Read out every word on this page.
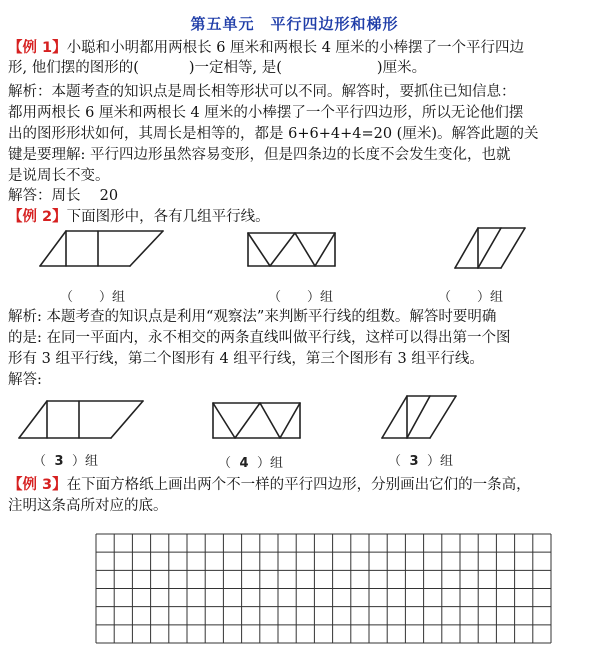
第五单元　平行四边形和梯形
【例 1】小聪和小明都用两根长 6 厘米和两根长 4 厘米的小棒摆了一个平行四边
形, 他们摆的图形的(	)一定相等, 是(	)厘米。
解析：本题考查的知识点是周长相等形状可以不同。解答时，要抓住已知信息：
都用两根长 6 厘米和两根长 4 厘米的小棒摆了一个平行四边形，所以无论他们摆
出的图形形状如何，其周长是相等的，都是 6+6+4+4=20 (厘米)。解答此题的关
键是要理解: 平行四边形虽然容易变形，但是四条边的长度不会发生变化，也就
是说周长不变。
解答：周长　 20
【例 2】下面图形中，各有几组平行线。
（　　）组	（　　）组	（　　）组
解析: 本题考查的知识点是利用“观察法”来判断平行线的组数。解答时要明确
的是: 在同一平面内，永不相交的两条直线叫做平行线，这样可以得出第一个图
形有 3 组平行线，第二个图形有 4 组平行线，第三个图形有 3 组平行线。
解答:
（ 3 ）组	（ 4 ）组	（ 3 ）组
【例 3】在下面方格纸上画出两个不一样的平行四边形，分别画出它们的一条高，
注明这条高所对应的底。
